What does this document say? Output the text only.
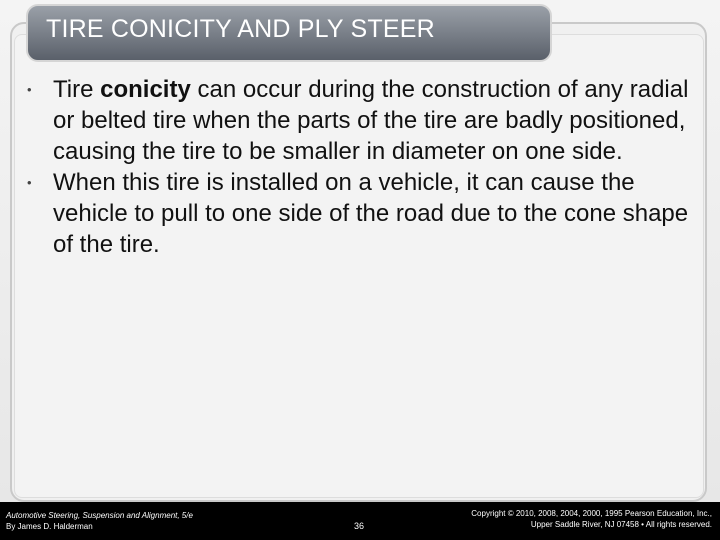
TIRE CONICITY AND PLY STEER
• Tire conicity can occur during the construction of any radial or belted tire when the parts of the tire are badly positioned, causing the tire to be smaller in diameter on one side.
• When this tire is installed on a vehicle, it can cause the vehicle to pull to one side of the road due to the cone shape of the tire.
Automotive Steering, Suspension and Alignment, 5/e
By James D. Halderman	36
Copyright © 2010, 2008, 2004, 2000, 1995 Pearson Education, Inc.,
Upper Saddle River, NJ 07458 • All rights reserved.
